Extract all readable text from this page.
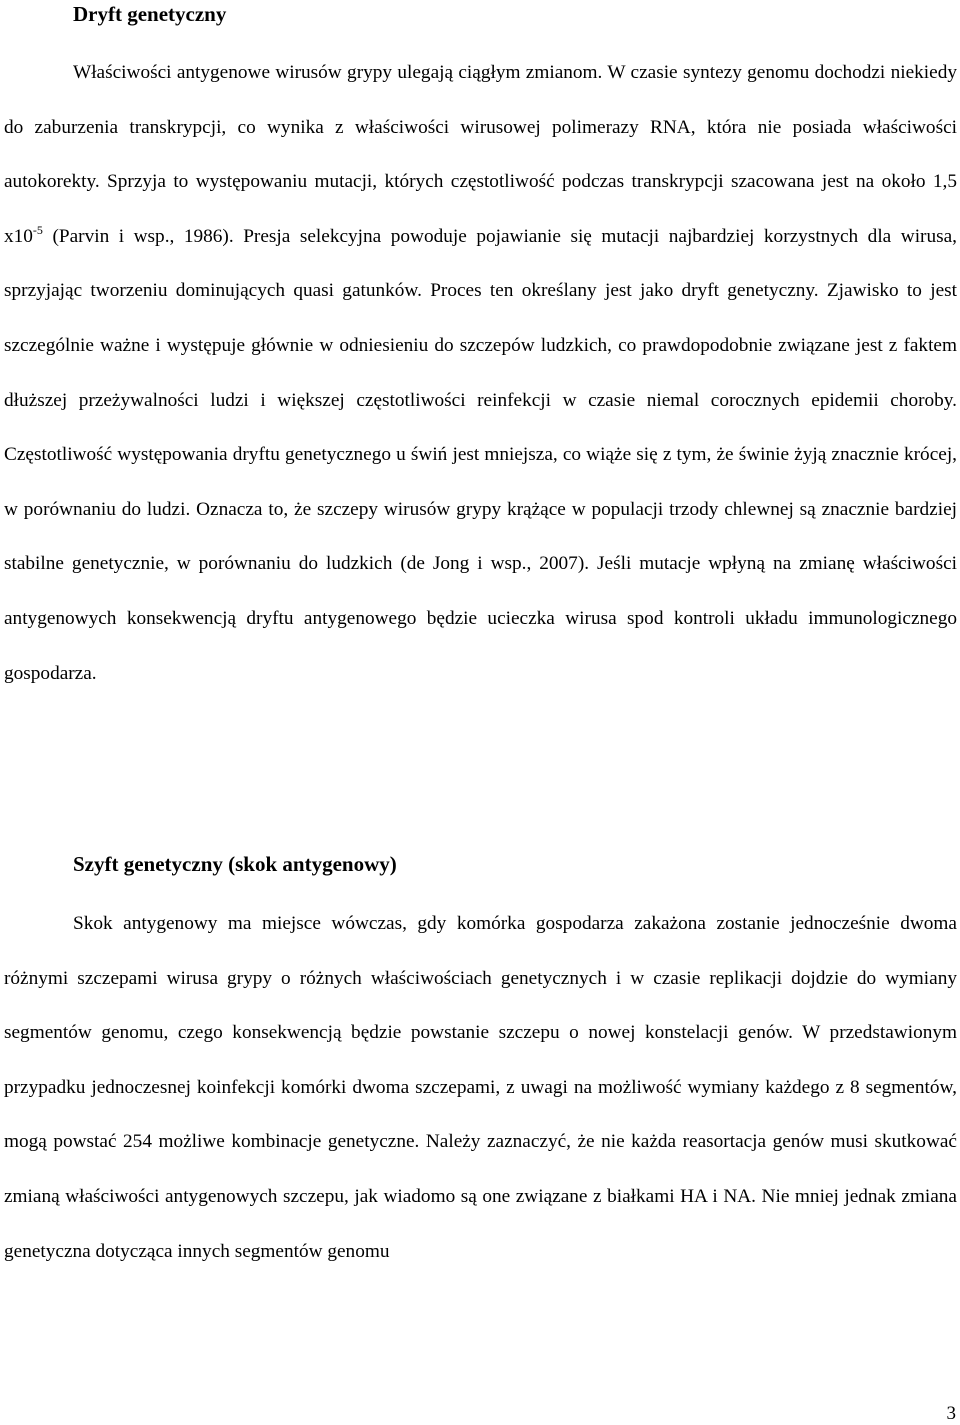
Dryft genetyczny

Właściwości antygenowe wirusów grypy ulegają ciągłym zmianom. W czasie syntezy genomu dochodzi niekiedy do zaburzenia transkrypcji, co wynika z właściwości wirusowej polimerazy RNA, która nie posiada właściwości autokorekty. Sprzyja to występowaniu mutacji, których częstotliwość podczas transkrypcji szacowana jest na około 1,5 $x10^{-5}$ (Parvin i wsp., 1986). Presja selekcyjna powoduje pojawianie się mutacji najbardziej korzystnych dla wirusa, sprzyjając tworzeniu dominujących quasi gatunków. Proces ten określany jest jako dryft genetyczny. Zjawisko to jest szczególnie ważne i występuje głównie w odniesieniu do szczepów ludzkich, co prawdopodobnie związane jest z faktem dłuższej przeżywalności ludzi i większej częstotliwości reinfekcji w czasie niemal corocznych epidemii choroby. Częstotliwość występowania dryftu genetycznego u świń jest mniejsza, co wiąże się z tym, że świnie żyją znacznie krócej, w porównaniu do ludzi. Oznacza to, że szczepy wirusów grypy krążące w populacji trzody chlewnej są znacznie bardziej stabilne genetycznie, w porównaniu do ludzkich (de Jong i wsp., 2007). Jeśli mutacje wpłyną na zmianę właściwości antygenowych konsekwencją dryftu antygenowego będzie ucieczka wirusa spod kontroli układu immunologicznego gospodarza.

Szyft genetyczny (skok antygenowy)

Skok antygenowy ma miejsce wówczas, gdy komórka gospodarza zakażona zostanie jednocześnie dwoma różnymi szczepami wirusa grypy o różnych właściwościach genetycznych i w czasie replikacji dojdzie do wymiany segmentów genomu, czego konsekwencją będzie powstanie szczepu o nowej konstelacji genów. W przedstawionym przypadku jednoczesnej koinfekcji komórki dwoma szczepami, z uwagi na możliwość wymiany każdego z 8 segmentów, mogą powstać 254 możliwe kombinacje genetyczne. Należy zaznaczyć, że nie każda reasortacja genów musi skutkować zmianą właściwości antygenowych szczepu, jak wiadomo są one związane z białkami HA i NA. Nie mniej jednak zmiana genetyczna dotycząca innych segmentów genomu

3
